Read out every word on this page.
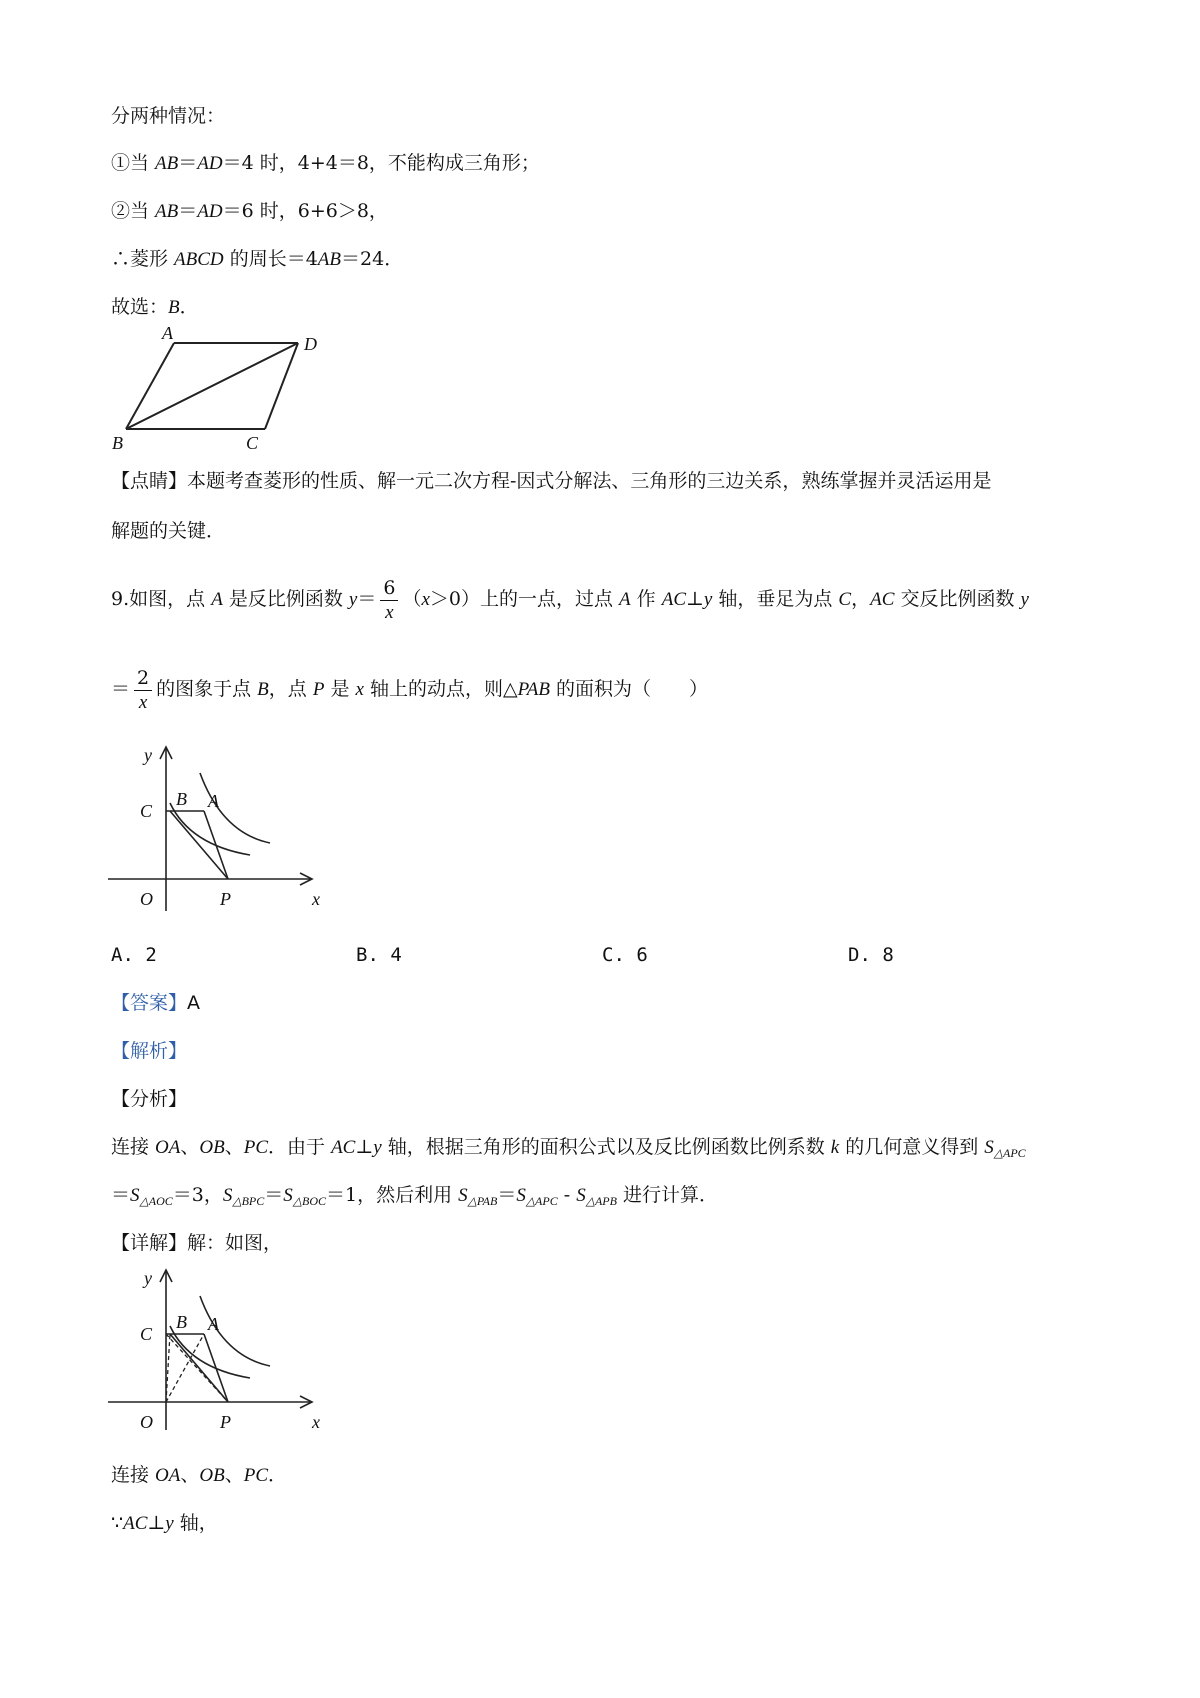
分两种情况：
①当 AB＝AD＝4 时，4+4＝8，不能构成三角形；
②当 AB＝AD＝6 时，6+6＞8，
∴菱形 ABCD 的周长＝4AB＝24．
故选：B．
A
D
B	C
【点睛】本题考查菱形的性质、解一元二次方程-因式分解法、三角形的三边关系，熟练掌握并灵活运用是
解题的关键．
9.如图，点 A 是反比例函数 $y= \frac{6}{x} (x>0)$上的一点，过点 A 作 AC⊥y 轴，垂足为点 C，AC 交反比例函数 y
＝ $\frac{2}{x}$ 的图象于点 B，点 P 是 x 轴上的动点，则△PAB 的面积为（　　）
y
x
O
C
B A
P
A. 2	B. 4	C. 6	D. 8
【答案】A
【解析】
【分析】
连接 OA、OB、PC．由于 AC⊥y 轴，根据三角形的面积公式以及反比例函数比例系数 k 的几何意义得到 $S_{\triangle APC}$
$=S_{\triangle AOC}=3$，$S_{\triangle BPC}=S_{\triangle BOC}=1$，然后利用 $S_{\triangle PAB}=S_{\triangle APC} - S_{\triangle APB}$ 进行计算．
【详解】解：如图，
y
x
O
C
B A
P
连接 OA、OB、PC．
∵AC⊥y 轴，
